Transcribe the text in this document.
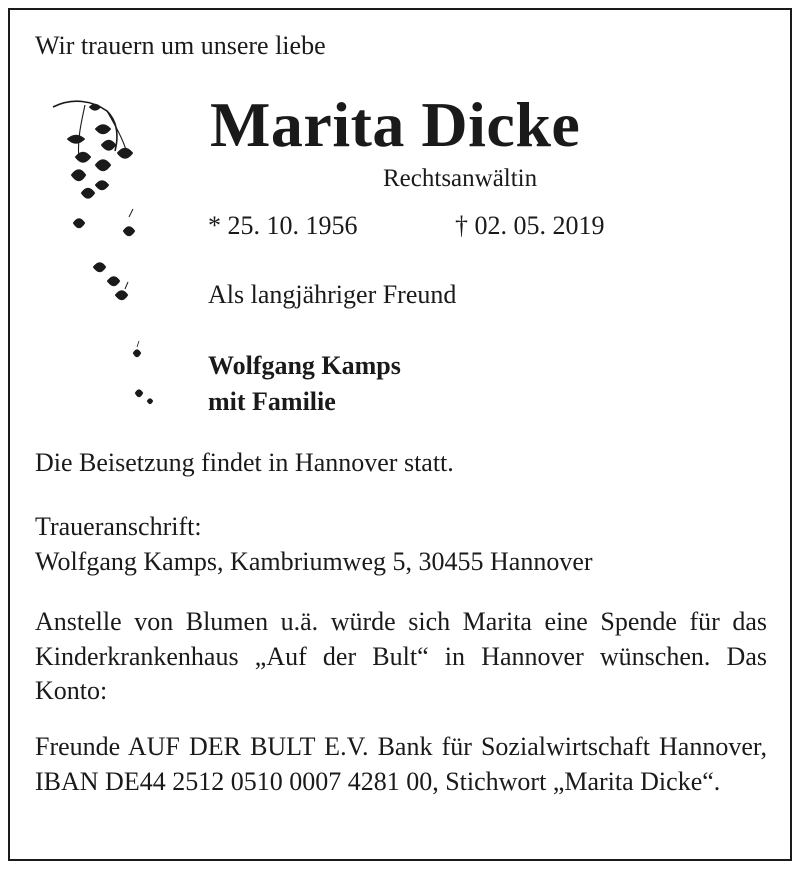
Wir trauern um unsere liebe

Marita Dicke

Rechtsanwältin

* 25. 10. 1956	† 02. 05. 2019

Als langjähriger Freund

Wolfgang Kamps

mit Familie

Die Beisetzung findet in Hannover statt.

Traueranschrift:

Wolfgang Kamps, Kambriumweg 5, 30455 Hannover

Anstelle von Blumen u.ä. würde sich Marita eine Spende für das Kinderkrankenhaus „Auf der Bult“ in Hannover wünschen. Das Konto:

Freunde AUF DER BULT E.V. Bank für Sozialwirtschaft Hannover, IBAN DE44 2512 0510 0007 4281 00, Stichwort „Marita Dicke“.
